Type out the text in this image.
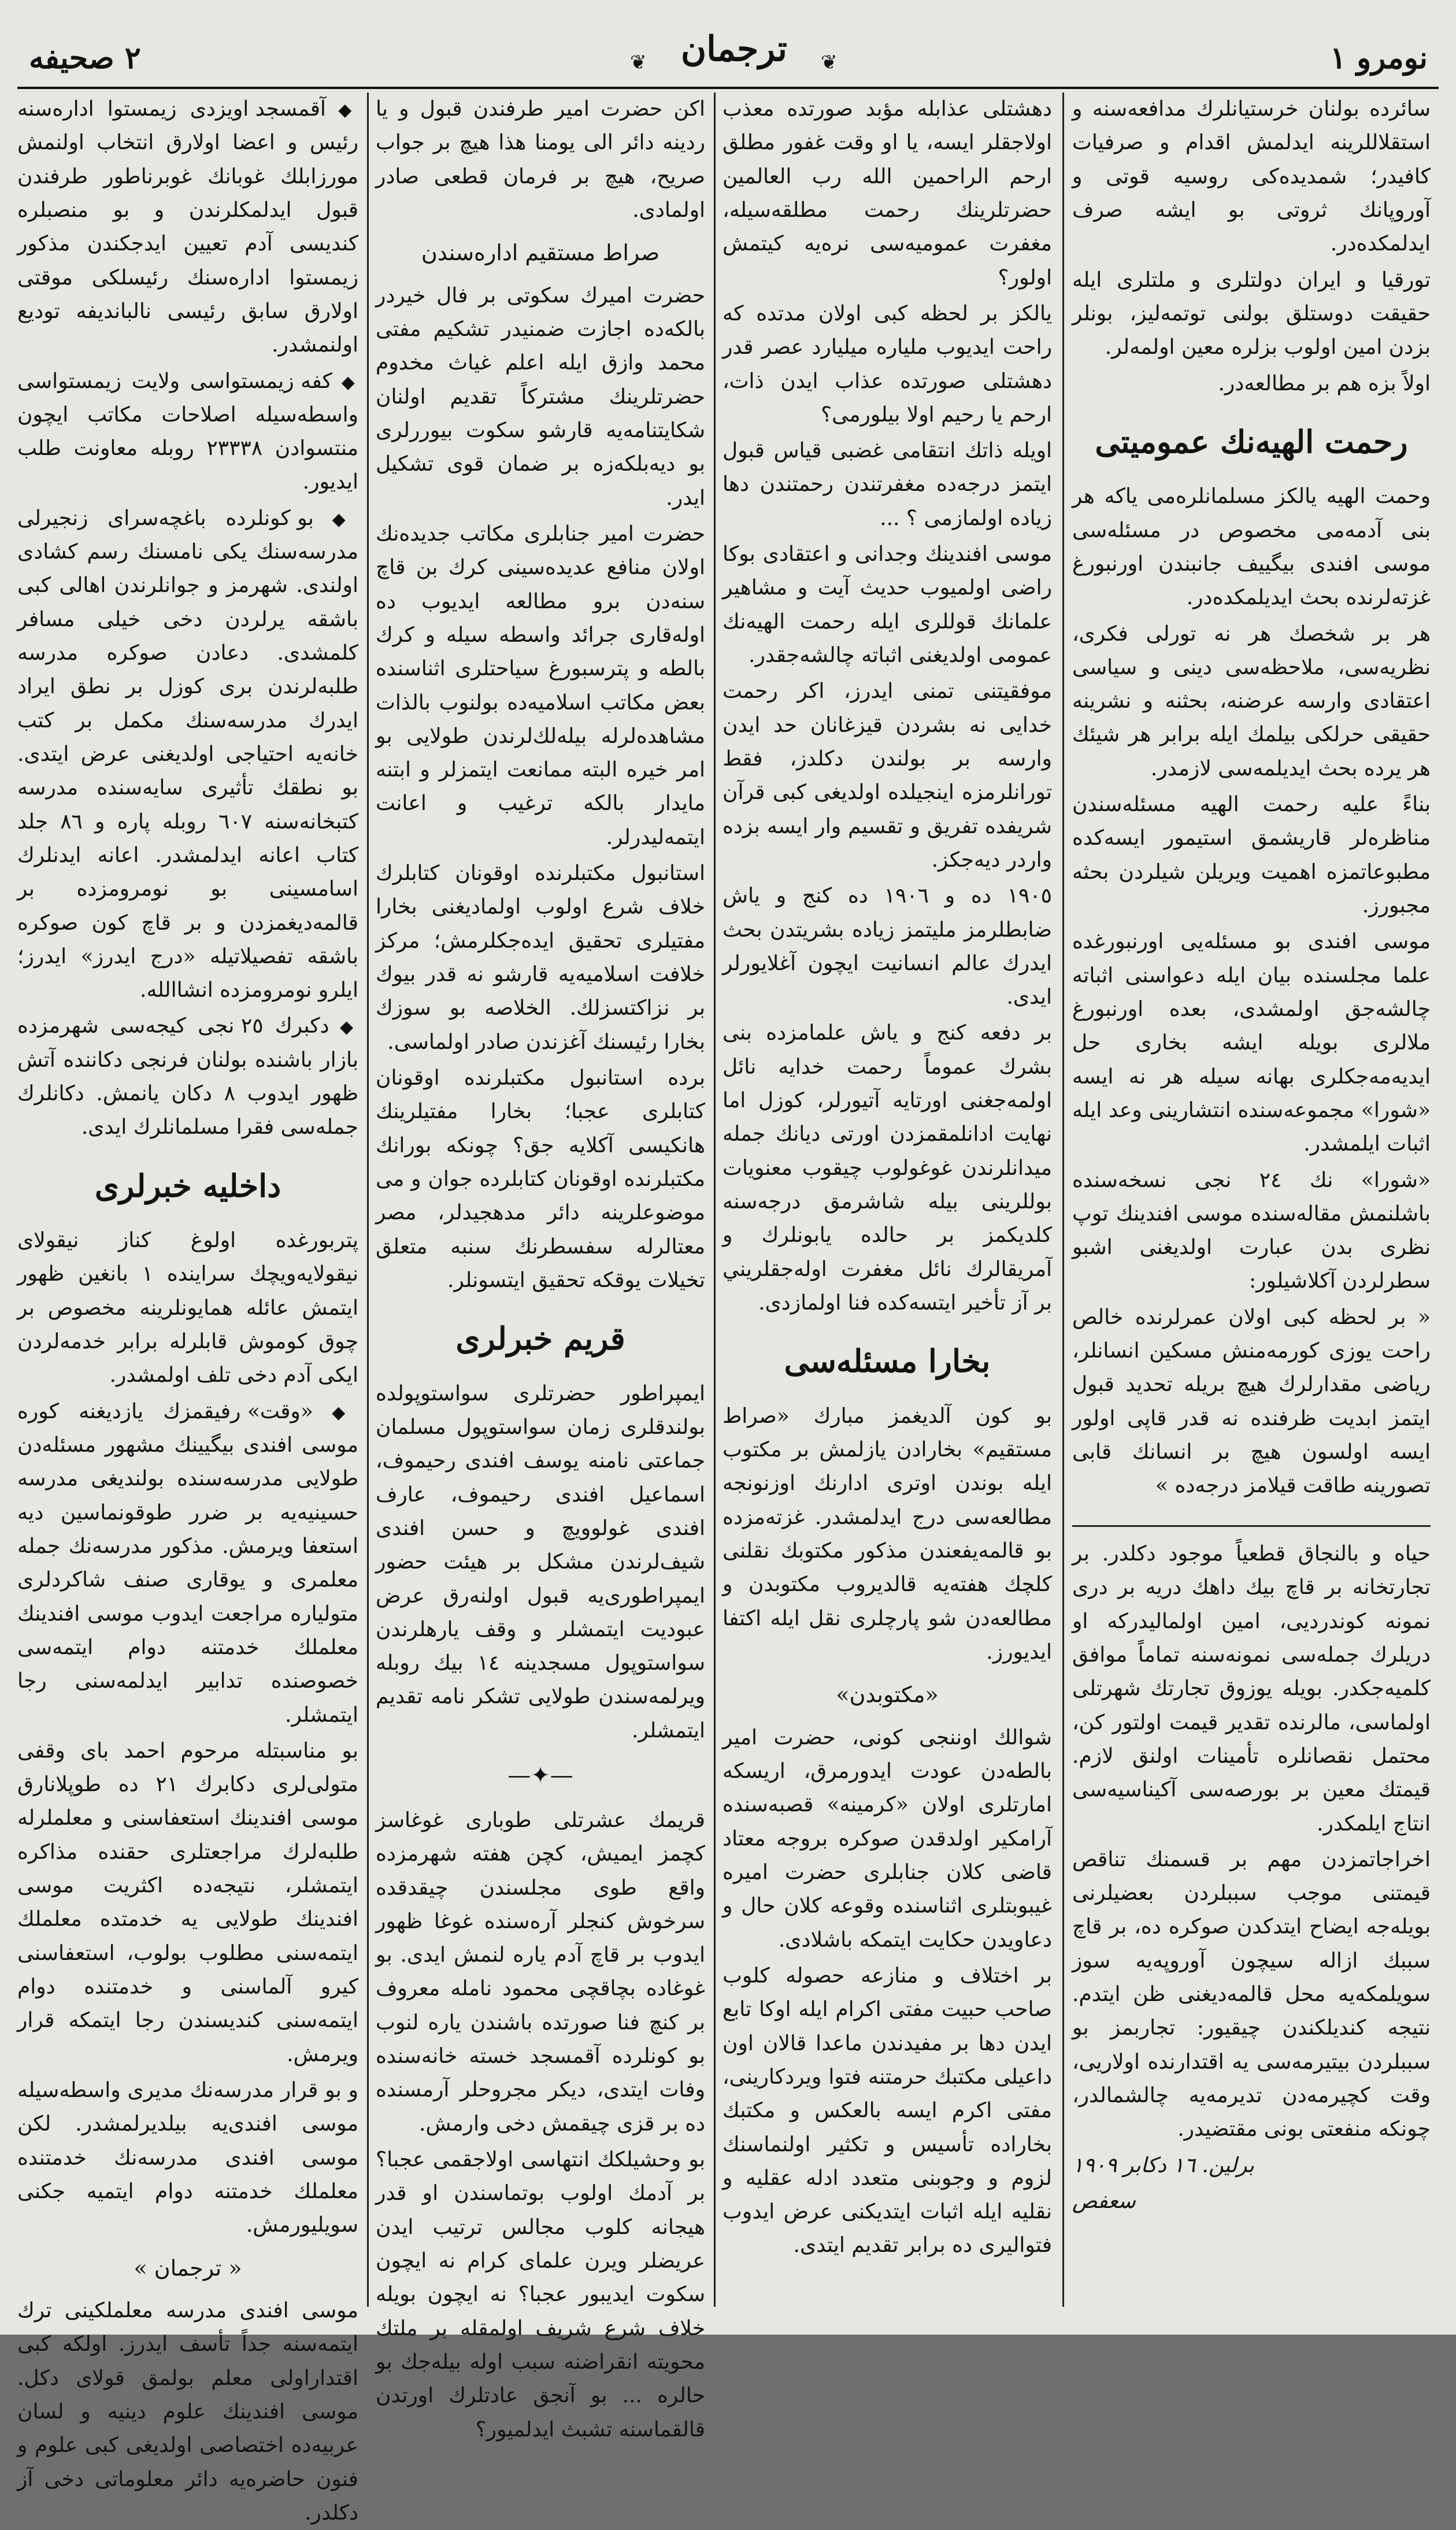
٢ صحيفه	❦ ترجمان	❦	نومرو ١

سائرده بولنان خرستيانلرك مدافعه‌سنه و استقلاللرينه ايدلمش اقدام و صرفيات كافيدر؛ شمديده‌كى روسيه قوتى و آوروپانك ثروتى بو ايشه صرف ايدلمكده‌در.

تورقيا و ايران دولتلرى و ملتلرى ايله حقيقت دوستلق بولنى توتمه‌ليز، بونلر بزدن امين اولوب بزلره معين اولمه‌لر.

اولاً بزه هم بر مطالعه‌در.

رحمت الهيه‌نك عموميتى

وحمت الهيه يالكز مسلمانلره‌مى ياكه هر بنى آدمه‌مى مخصوص در مسئله‌سى موسى افندى بيگييف جانبندن اورنبورغ غزته‌لرنده بحث ايديلمكده‌در.

هر بر شخصك هر نه تورلى فكرى، نظريه‌سى، ملاحظه‌سى دينى و سياسى اعتقادى وارسه عرضنه، بحثنه و نشرينه حقيقى حرلكى بيلمك ايله برابر هر شيئك هر يرده بحث ايديلمه‌سى لازمدر.

بناءً عليه رحمت الهيه مسئله‌سندن مناظره‌لر قاريشمق استيمور ايسه‌كده مطبوعاتمزه اهميت ويريلن شيلردن بحثه مجبورز.

موسى افندى بو مسئله‌يى اورنبورغده علما مجلسنده بيان ايله دعواسنى اثباته چالشه‌جق اولمشدى، بعده اورنبورغ ملالرى بويله ايشه بخارى حل ايديه‌مه‌جكلرى بهانه سيله هر نه ايسه «شورا» مجموعه‌سنده انتشارينى وعد ايله اثبات ايلمشدر.

«شورا» نك ٢٤ نجى نسخه‌سنده باشلنمش مقاله‌سنده موسى افندينك توپ نظرى بدن عبارت اولديغنى اشبو سطرلردن آكلاشيلور:

« بر لحظه كبى اولان عمرلرنده خالص راحت يوزى كورمه‌منش مسكين انسانلر، رياضى مقدارلرك هيچ بريله تحديد قبول ايتمز ابديت ظرفنده نه قدر قاپى اولور ايسه اولسون هيچ بر انسانك قابى تصورينه طاقت قيلامز درجه‌ده »

حياه و بالنجاق قطعياً موجود دكلدر. بر تجارتخانه بر قاچ بيك داهك دريه بر درى نمونه كوندرديى، امين اولماليدركه او دريلرك جمله‌سى نمونه‌سنه تماماً موافق كلميه‌جكدر. بويله يوزوق تجارتك شهرتلى اولماسى، مالرنده تقدير قيمت اولتور كن، محتمل نقصانلره تأمينات اولنق لازم. قيمتك معين بر بورصه‌سى آكيناسيه‌سى انتاج ايلمكدر.

اخراجاتمزدن مهم بر قسمنك تناقص قيمتنى موجب سببلردن بعضيلرنى بويله‌جه ايضاح ايتدكدن صوكره ده، بر قاچ سببك ازاله سيچون آوروپه‌يه سوز سويلمكه‌يه محل قالمه‌ديغنى ظن ايتدم. نتيجه كنديلكندن چيقيور: تجاربمز بو سببلردن بيتيرمه‌سى يه اقتدارنده اولاريى، وقت كچيرمه‌دن تديرمه‌يه چالشمالدر، چونكه منفعتى بونى مقتضيدر.

برلين. ١٦ دكابر ١٩٠٩

سعفص

دهشتلى عذابله مؤبد صورتده معذب اولاجقلر ايسه، يا او وقت غفور مطلق ارحم الراحمين الله رب العالمين حضرتلرينك رحمت مطلقه‌سيله، مغفرت عموميه‌سى نره‌يه كيتمش اولور؟

يالكز بر لحظه كبى اولان مدتده كه راحت ايديوب ملياره ميليارد عصر قدر دهشتلى صورتده عذاب ايدن ذات، ارحم يا رحيم اولا بيلورمى؟

اويله ذاتك انتقامى غضبى قياس قبول ايتمز درجه‌ده مغفرتندن رحمتندن دها زياده اولمازمى ؟ ...

موسى افندينك وجدانى و اعتقادى بوكا راضى اولميوب حديث آيت و مشاهير علمانك قوللرى ايله رحمت الهيه‌نك عمومى اولديغنى اثباته چالشه‌جقدر.

موفقيتنى تمنى ايدرز، اكر رحمت خدايى نه بشردن قيزغانان حد ايدن وارسه بر بولندن دكلدز، فقط تورانلرمزه اينجيلده اولديغى كبى قرآن شريفده تفريق و تقسيم وار ايسه بزده واردر ديه‌جكز.

١٩٠٥ ده و ١٩٠٦ ده كنج و ياش ضابطلرمز مليتمز زياده بشريتدن بحث ايدرك عالم انسانيت ايچون آغلايورلر ايدى.

بر دفعه كنج و ياش علمامزده بنى بشرك عموماً رحمت خدايه نائل اولمه‌جغنى اورتايه آتيورلر، كوزل اما نهايت ادانلمقمزدن اورتى ديانك جمله ميدانلرندن غوغولوب چيقوب معنويات بوللرينى بيله شاشرمق درجه‌سنه كلديكمز بر حالده يابونلرك و آمريقالرك نائل مغفرت اوله‌جقلريني بر آز تأخير ايتسه‌كده فنا اولمازدى.

بخارا مسئله‌سى

بو كون آلديغمز مبارك «صراط مستقيم» بخارادن يازلمش بر مكتوب ايله بوندن اوترى ادارنك اوزنونجه مطالعه‌سى درج ايدلمشدر. غزته‌مزده بو قالمه‌يفعندن مذكور مكتوبك نقلنى كلچك هفته‌يه قالديروب مكتوبدن و مطالعه‌دن شو پارچلرى نقل ايله اكتفا ايديورز.

«مكتوبدن»

شوالك اوننجى كونى، حضرت امير بالطه‌دن عودت ايدورمرق، اريسكه امارتلرى اولان «كرمينه» قصبه‌سنده آرامكير اولدقدن صوكره بروجه معتاد قاضى كلان جنابلرى حضرت اميره غيبوبتلرى اثناسنده وقوعه كلان حال و دعاويدن حكايت ايتمكه باشلادى.

بر اختلاف و منازعه حصوله كلوب صاحب حبيت مفتى اكرام ايله اوكا تابع ايدن دها بر مفيدندن ماعدا قالان اون داعيلى مكتبك حرمتنه فتوا ويردكارينى، مفتى اكرم ايسه بالعكس و مكتبك بخاراده تأسيس و تكثير اولنماسنك لزوم و وجوبنى متعدد ادله عقليه و نقليه ايله اثبات ايتديكنى عرض ايدوب فتواليرى ده برابر تقديم ايتدى.

اكن حضرت امير طرفندن قبول و يا ردينه دائر الى يومنا هذا هيچ بر جواب صريح، هيچ بر فرمان قطعى صادر اولمادى.

صراط مستقيم اداره‌سندن

حضرت اميرك سكوتى بر فال خيردر بالكه‌ده اجازت ضمنيدر تشكيم مفتى محمد وازق ايله اعلم غياث مخدوم حضرتلرينك مشتركاً تقديم اولنان شكايتنامه‌يه قارشو سكوت بيوررلرى بو ديه‌بلكه‌زه بر ضمان قوى تشكيل ايدر.

حضرت امير جنابلرى مكاتب جديده‌نك اولان منافع عديده‌سينى كرك بن قاچ سنه‌دن برو مطالعه ايديوب ده اوله‌قارى جرائد واسطه سيله و كرك بالطه و پترسبورغ سياحتلرى اثناسنده بعض مكاتب اسلاميه‌ده بولنوب بالذات مشاهده‌لرله بيله‌لك‌لرندن طولايى بو امر خيره البته ممانعت ايتمزلر و ابتنه مايدار بالكه ترغيب و اعانت ايتمه‌ليدرلر.

استانبول مكتبلرنده اوقونان كتابلرك خلاف شرع اولوب اولماديغنى بخارا مفتيلرى تحقيق ايده‌جكلرمش؛ مركز خلافت اسلاميه‌يه قارشو نه قدر بيوك بر نزاكتسزلك. الخلاصه بو سوزك بخارا رئيسنك آغزندن صادر اولماسى.

برده استانبول مكتبلرنده اوقونان كتابلرى عجبا؛ بخارا مفتيلرينك هانكيسى آكلايه جق؟ چونكه بورانك مكتبلرنده اوقونان كتابلرده جوان و مى موضوعلرينه دائر مدهجيدلر، مصر معتالرله سفسطرنك سنبه متعلق تخيلات يوقكه تحقيق ايتسونلر.

قريم خبرلرى

ايمپراطور حضرتلرى سواستوپولده بولندقلرى زمان سواستوپول مسلمان جماعتى نامنه يوسف افندى رحيموف، اسماعيل افندى رحيموف، عارف افندى غولوويچ و حسن افندى شيف‌لرندن مشكل بر هيئت حضور ايمپراطورى‌يه قبول اولنه‌رق عرض عبوديت ايتمشلر و وقف يارهلرندن سواستوپول مسجدينه ١٤ بيك روبله ويرلمه‌سندن طولايى تشكر نامه تقديم ايتمشلر.

—✦—

قريمك عشرتلى طوبارى غوغاسز كچمز ايميش، كچن هفته شهرمزده واقع طوى مجلسندن چيقدقده سرخوش كنجلر آره‌سنده غوغا ظهور ايدوب بر قاچ آدم ياره لنمش ايدى. بو غوغاده بچاقچى محمود نامله معروف بر كنچ فنا صورتده باشندن ياره لنوب بو كونلرده آقمسجد خسته خانه‌سنده وفات ايتدى، ديكر مجروحلر آرمسنده ده بر قزى چيقمش دخى وارمش.

بو وحشيلكك انتهاسى اولاجقمى عجبا؟ بر آدمك اولوب بوتماسندن او قدر هيجانه كلوب مجالس ترتيب ايدن عريضلر ويرن علماى كرام نه ايچون سكوت ايديبور عجبا؟ نه ايچون بويله خلاف شرع شريف اولمقله بر ملتك محويته انقراضنه سبب اوله بيله‌جك بو حالره ... بو آنجق عادتلرك اورتدن قالقماسنه تشبث ايدلميور؟

◆ آقمسجد اويزدى زيمستوا اداره‌سنه رئيس و اعضا اولارق انتخاب اولنمش مورزابلك غوبانك غوبرناطور طرفندن قبول ايدلمكلرندن و بو منصبلره كنديسى آدم تعيين ايدجكندن مذكور زيمستوا اداره‌سنك رئيسلكى موقتى اولارق سابق رئيسى نالبانديفه توديع اولنمشدر.

◆ كفه زيمستواسى ولايت زيمستواسى واسطه‌سيله اصلاحات مكاتب ايچون منتسوادن ٢٣٣٣٨ روبله معاونت طلب ايديور.

◆ بو كونلرده باغچه‌سراى زنجيرلى مدرسه‌سنك يكى نامسنك رسم كشادى اولندى. شهرمز و جوانلرندن اهالى كبى باشقه يرلردن دخى خيلى مسافر كلمشدى. دعادن صوكره مدرسه طلبه‌لرندن برى كوزل بر نطق ايراد ايدرك مدرسه‌سنك مكمل بر كتب خانه‌يه احتياجى اولديغنى عرض ايتدى. بو نطقك تأثيرى سايه‌سنده مدرسه كتبخانه‌سنه ٦٠٧ روبله پاره و ٨٦ جلد كتاب اعانه ايدلمشدر. اعانه ايدنلرك اسامسينى بو نومرومزده بر قالمه‌ديغمزدن و بر قاچ كون صوكره باشقه تفصيلاتيله «درج ايدرز» ايدرز؛ ايلرو نومرومزده انشاالله.

◆ دكبرك ٢٥ نجى كيجه‌سى شهرمزده بازار باشنده بولنان فرنجى دكاننده آتش ظهور ايدوب ٨ دكان يانمش. دكانلرك جمله‌سى فقرا مسلمانلرك ايدى.

داخليه خبرلرى

پتربورغده اولوغ كناز نيقولاى نيقولايه‌ويچك سراينده ۱ بانغين ظهور ايتمش عائله همايونلرينه مخصوص بر چوق كوموش قابلرله برابر خدمه‌لردن ايكى آدم دخى تلف اولمشدر.

◆ «وقت» رفيقمزك يازديغنه كوره موسى افندى بيگيينك مشهور مسئله‌دن طولايى مدرسه‌سنده بولنديغى مدرسه حسينيه‌يه بر ضرر طوقونماسين ديه استعفا ويرمش. مذكور مدرسه‌نك جمله معلمرى و يوقارى صنف شاكردلرى متولياره مراجعت ايدوب موسى افندينك معلملك خدمتنه دوام ايتمه‌سى خصوصنده تدابير ايدلمه‌سنى رجا ايتمشلر.

بو مناسبتله مرحوم احمد باى وقفى متولى‌لرى دكابرك ٢١ ده طوپلانارق موسى افندينك استعفاسنى و معلملرله طلبه‌لرك مراجعتلرى حقنده مذاكره ايتمشلر، نتيجه‌ده اكثريت موسى افندينك طولايى يه خدمتده معلملك ايتمه‌سنى مطلوب بولوب، استعفاسنى كيرو آلماسنى و خدمتنده دوام ايتمه‌سنى كنديسندن رجا ايتمكه قرار ويرمش.

و بو قرار مدرسه‌نك مديرى واسطه‌سيله موسى افندى‌يه بيلديرلمشدر. لكن موسى افندى مدرسه‌نك خدمتنده معلملك خدمتنه دوام ايتميه جكنى سويليورمش.

« ترجمان »

موسى افندى مدرسه معلملكينى ترك ايتمه‌سنه جداً تأسف ايدرز. اولكه كبى اقتداراولى معلم بولمق قولاى دكل. موسى افندينك علوم دينيه و لسان عربيه‌ده اختصاصى اولديغى كبى علوم و فنون حاضره‌يه دائر معلوماتى دخى آز دكلدر.
